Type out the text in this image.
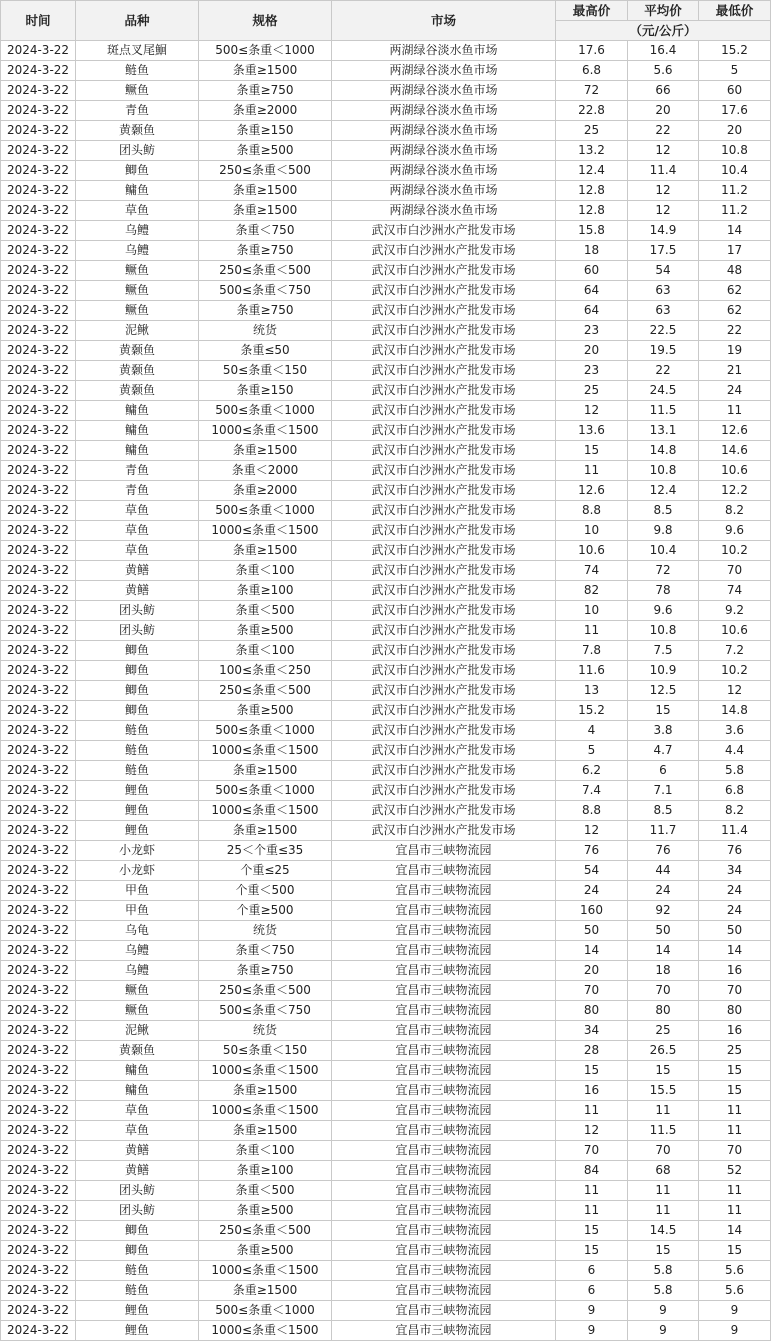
时间	品种	规格	市场	最高价	平均价	最低价
				（元/公斤）		
2024-3-22	斑点叉尾鮰	500≤条重＜1000	两湖绿谷淡水鱼市场	17.6	16.4	15.2
2024-3-22	鲢鱼	条重≥1500	两湖绿谷淡水鱼市场	6.8	5.6	5
2024-3-22	鳜鱼	条重≥750	两湖绿谷淡水鱼市场	72	66	60
2024-3-22	青鱼	条重≥2000	两湖绿谷淡水鱼市场	22.8	20	17.6
2024-3-22	黄颡鱼	条重≥150	两湖绿谷淡水鱼市场	25	22	20
2024-3-22	团头鲂	条重≥500	两湖绿谷淡水鱼市场	13.2	12	10.8
2024-3-22	鲫鱼	250≤条重＜500	两湖绿谷淡水鱼市场	12.4	11.4	10.4
2024-3-22	鳙鱼	条重≥1500	两湖绿谷淡水鱼市场	12.8	12	11.2
2024-3-22	草鱼	条重≥1500	两湖绿谷淡水鱼市场	12.8	12	11.2
2024-3-22	乌鳢	条重＜750	武汉市白沙洲水产批发市场	15.8	14.9	14
2024-3-22	乌鳢	条重≥750	武汉市白沙洲水产批发市场	18	17.5	17
2024-3-22	鳜鱼	250≤条重＜500	武汉市白沙洲水产批发市场	60	54	48
2024-3-22	鳜鱼	500≤条重＜750	武汉市白沙洲水产批发市场	64	63	62
2024-3-22	鳜鱼	条重≥750	武汉市白沙洲水产批发市场	64	63	62
2024-3-22	泥鳅	统货	武汉市白沙洲水产批发市场	23	22.5	22
2024-3-22	黄颡鱼	条重≤50	武汉市白沙洲水产批发市场	20	19.5	19
2024-3-22	黄颡鱼	50≤条重＜150	武汉市白沙洲水产批发市场	23	22	21
2024-3-22	黄颡鱼	条重≥150	武汉市白沙洲水产批发市场	25	24.5	24
2024-3-22	鳙鱼	500≤条重＜1000	武汉市白沙洲水产批发市场	12	11.5	11
2024-3-22	鳙鱼	1000≤条重＜1500	武汉市白沙洲水产批发市场	13.6	13.1	12.6
2024-3-22	鳙鱼	条重≥1500	武汉市白沙洲水产批发市场	15	14.8	14.6
2024-3-22	青鱼	条重＜2000	武汉市白沙洲水产批发市场	11	10.8	10.6
2024-3-22	青鱼	条重≥2000	武汉市白沙洲水产批发市场	12.6	12.4	12.2
2024-3-22	草鱼	500≤条重＜1000	武汉市白沙洲水产批发市场	8.8	8.5	8.2
2024-3-22	草鱼	1000≤条重＜1500	武汉市白沙洲水产批发市场	10	9.8	9.6
2024-3-22	草鱼	条重≥1500	武汉市白沙洲水产批发市场	10.6	10.4	10.2
2024-3-22	黄鳝	条重＜100	武汉市白沙洲水产批发市场	74	72	70
2024-3-22	黄鳝	条重≥100	武汉市白沙洲水产批发市场	82	78	74
2024-3-22	团头鲂	条重＜500	武汉市白沙洲水产批发市场	10	9.6	9.2
2024-3-22	团头鲂	条重≥500	武汉市白沙洲水产批发市场	11	10.8	10.6
2024-3-22	鲫鱼	条重＜100	武汉市白沙洲水产批发市场	7.8	7.5	7.2
2024-3-22	鲫鱼	100≤条重＜250	武汉市白沙洲水产批发市场	11.6	10.9	10.2
2024-3-22	鲫鱼	250≤条重＜500	武汉市白沙洲水产批发市场	13	12.5	12
2024-3-22	鲫鱼	条重≥500	武汉市白沙洲水产批发市场	15.2	15	14.8
2024-3-22	鲢鱼	500≤条重＜1000	武汉市白沙洲水产批发市场	4	3.8	3.6
2024-3-22	鲢鱼	1000≤条重＜1500	武汉市白沙洲水产批发市场	5	4.7	4.4
2024-3-22	鲢鱼	条重≥1500	武汉市白沙洲水产批发市场	6.2	6	5.8
2024-3-22	鲤鱼	500≤条重＜1000	武汉市白沙洲水产批发市场	7.4	7.1	6.8
2024-3-22	鲤鱼	1000≤条重＜1500	武汉市白沙洲水产批发市场	8.8	8.5	8.2
2024-3-22	鲤鱼	条重≥1500	武汉市白沙洲水产批发市场	12	11.7	11.4
2024-3-22	小龙虾	25＜个重≤35	宜昌市三峡物流园	76	76	76
2024-3-22	小龙虾	个重≤25	宜昌市三峡物流园	54	44	34
2024-3-22	甲鱼	个重＜500	宜昌市三峡物流园	24	24	24
2024-3-22	甲鱼	个重≥500	宜昌市三峡物流园	160	92	24
2024-3-22	乌龟	统货	宜昌市三峡物流园	50	50	50
2024-3-22	乌鳢	条重＜750	宜昌市三峡物流园	14	14	14
2024-3-22	乌鳢	条重≥750	宜昌市三峡物流园	20	18	16
2024-3-22	鳜鱼	250≤条重＜500	宜昌市三峡物流园	70	70	70
2024-3-22	鳜鱼	500≤条重＜750	宜昌市三峡物流园	80	80	80
2024-3-22	泥鳅	统货	宜昌市三峡物流园	34	25	16
2024-3-22	黄颡鱼	50≤条重＜150	宜昌市三峡物流园	28	26.5	25
2024-3-22	鳙鱼	1000≤条重＜1500	宜昌市三峡物流园	15	15	15
2024-3-22	鳙鱼	条重≥1500	宜昌市三峡物流园	16	15.5	15
2024-3-22	草鱼	1000≤条重＜1500	宜昌市三峡物流园	11	11	11
2024-3-22	草鱼	条重≥1500	宜昌市三峡物流园	12	11.5	11
2024-3-22	黄鳝	条重＜100	宜昌市三峡物流园	70	70	70
2024-3-22	黄鳝	条重≥100	宜昌市三峡物流园	84	68	52
2024-3-22	团头鲂	条重＜500	宜昌市三峡物流园	11	11	11
2024-3-22	团头鲂	条重≥500	宜昌市三峡物流园	11	11	11
2024-3-22	鲫鱼	250≤条重＜500	宜昌市三峡物流园	15	14.5	14
2024-3-22	鲫鱼	条重≥500	宜昌市三峡物流园	15	15	15
2024-3-22	鲢鱼	1000≤条重＜1500	宜昌市三峡物流园	6	5.8	5.6
2024-3-22	鲢鱼	条重≥1500	宜昌市三峡物流园	6	5.8	5.6
2024-3-22	鲤鱼	500≤条重＜1000	宜昌市三峡物流园	9	9	9
2024-3-22	鲤鱼	1000≤条重＜1500	宜昌市三峡物流园	9	9	9
